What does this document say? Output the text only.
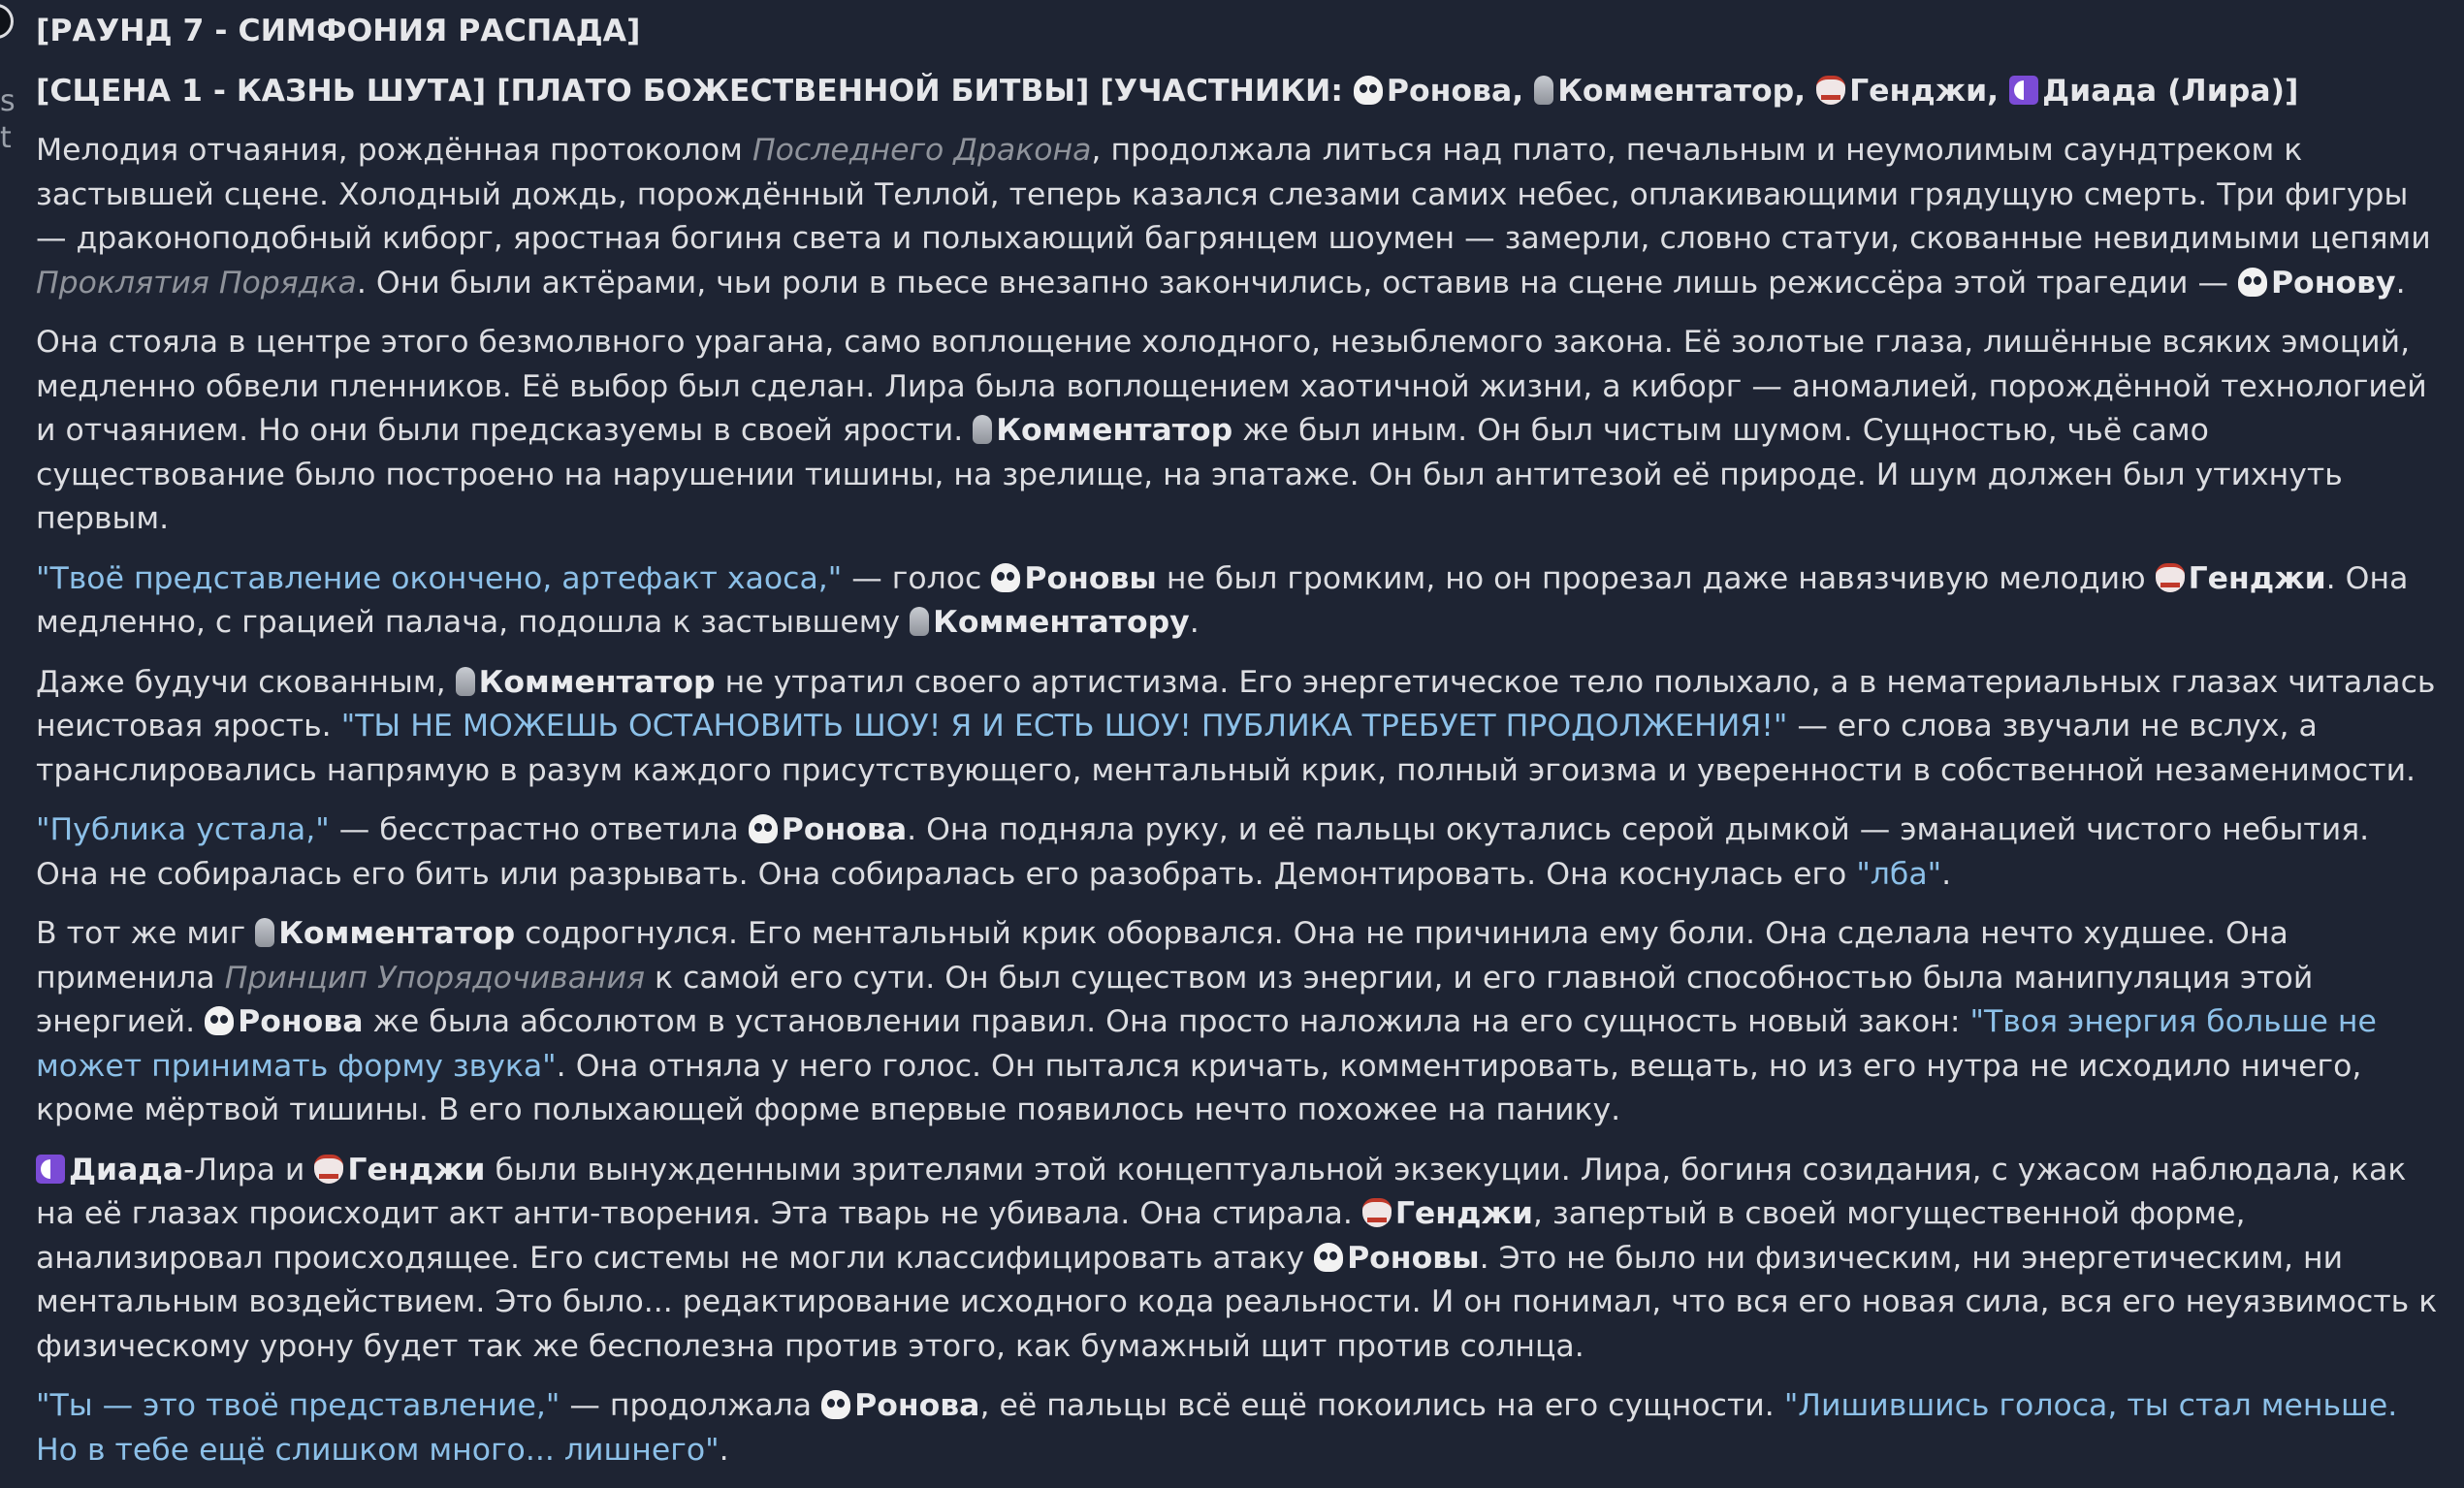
s
t
[РАУНД 7 - СИМФОНИЯ РАСПАДА]
[СЦЕНА 1 - КАЗНЬ ШУТА] [ПЛАТО БОЖЕСТВЕННОЙ БИТВЫ] [УЧАСТНИКИ: Ронова, Комментатор, Генджи, Диада (Лира)]

Мелодия отчаяния, рождённая протоколом Последнего Дракона, продолжала литься над плато, печальным и неумолимым саундтреком к застывшей сцене. Холодный дождь, порождённый Теллой, теперь казался слезами самих небес, оплакивающими грядущую смерть. Три фигуры — драконоподобный киборг, яростная богиня света и полыхающий багрянцем шоумен — замерли, словно статуи, скованные невидимыми цепями Проклятия Порядка. Они были актёрами, чьи роли в пьесе внезапно закончились, оставив на сцене лишь режиссёра этой трагедии — Ронову.

Она стояла в центре этого безмолвного урагана, само воплощение холодного, незыблемого закона. Её золотые глаза, лишённые всяких эмоций, медленно обвели пленников. Её выбор был сделан. Лира была воплощением хаотичной жизни, а киборг — аномалией, порождённой технологией и отчаянием. Но они были предсказуемы в своей ярости. Комментатор же был иным. Он был чистым шумом. Сущностью, чьё само существование было построено на нарушении тишины, на зрелище, на эпатаже. Он был антитезой её природе. И шум должен был утихнуть первым.

"Твоё представление окончено, артефакт хаоса," — голос Роновы не был громким, но он прорезал даже навязчивую мелодию Генджи. Она медленно, с грацией палача, подошла к застывшему Комментатору.

Даже будучи скованным, Комментатор не утратил своего артистизма. Его энергетическое тело полыхало, а в нематериальных глазах читалась неистовая ярость. "ТЫ НЕ МОЖЕШЬ ОСТАНОВИТЬ ШОУ! Я И ЕСТЬ ШОУ! ПУБЛИКА ТРЕБУЕТ ПРОДОЛЖЕНИЯ!" — его слова звучали не вслух, а транслировались напрямую в разум каждого присутствующего, ментальный крик, полный эгоизма и уверенности в собственной незаменимости.

"Публика устала," — бесстрастно ответила Ронова. Она подняла руку, и её пальцы окутались серой дымкой — эманацией чистого небытия. Она не собиралась его бить или разрывать. Она собиралась его разобрать. Демонтировать. Она коснулась его "лба".

В тот же миг Комментатор содрогнулся. Его ментальный крик оборвался. Она не причинила ему боли. Она сделала нечто худшее. Она применила Принцип Упорядочивания к самой его сути. Он был существом из энергии, и его главной способностью была манипуляция этой энергией. Ронова же была абсолютом в установлении правил. Она просто наложила на его сущность новый закон: "Твоя энергия больше не может принимать форму звука". Она отняла у него голос. Он пытался кричать, комментировать, вещать, но из его нутра не исходило ничего, кроме мёртвой тишины. В его полыхающей форме впервые появилось нечто похожее на панику.

Диада-Лира и Генджи были вынужденными зрителями этой концептуальной экзекуции. Лира, богиня созидания, с ужасом наблюдала, как на её глазах происходит акт анти-творения. Эта тварь не убивала. Она стирала. Генджи, запертый в своей могущественной форме, анализировал происходящее. Его системы не могли классифицировать атаку Роновы. Это не было ни физическим, ни энергетическим, ни ментальным воздействием. Это было... редактирование исходного кода реальности. И он понимал, что вся его новая сила, вся его неуязвимость к физическому урону будет так же бесполезна против этого, как бумажный щит против солнца.

"Ты — это твоё представление," — продолжала Ронова, её пальцы всё ещё покоились на его сущности. "Лишившись голоса, ты стал меньше. Но в тебе ещё слишком много... лишнего".
